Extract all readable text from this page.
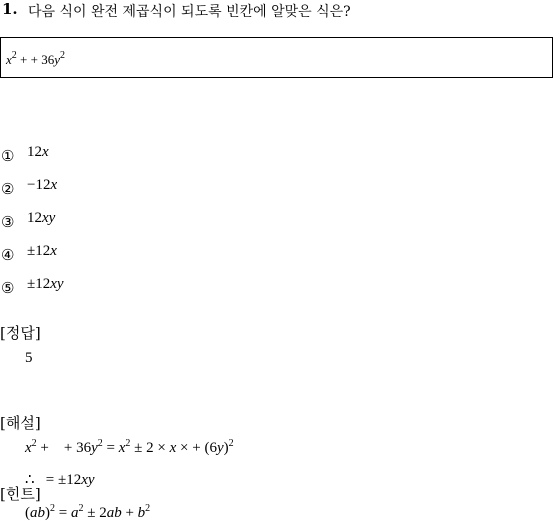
1. 다음 식이 완전 제곱식이 되도록 빈칸에 알맞은 식은?
$x^2$ + + $36y^2$
① 12x
② −12x
③ 12xy
④ ±12x
⑤ ±12xy
[정답]
5
[해설]
$x^2$ +    + $36y^2 = x^2 \pm 2 \times x$ × + $(6y)^2$
∴   = ±12xy
[힌트]
$(ab)^2 = a^2 \pm 2ab + b^2$
